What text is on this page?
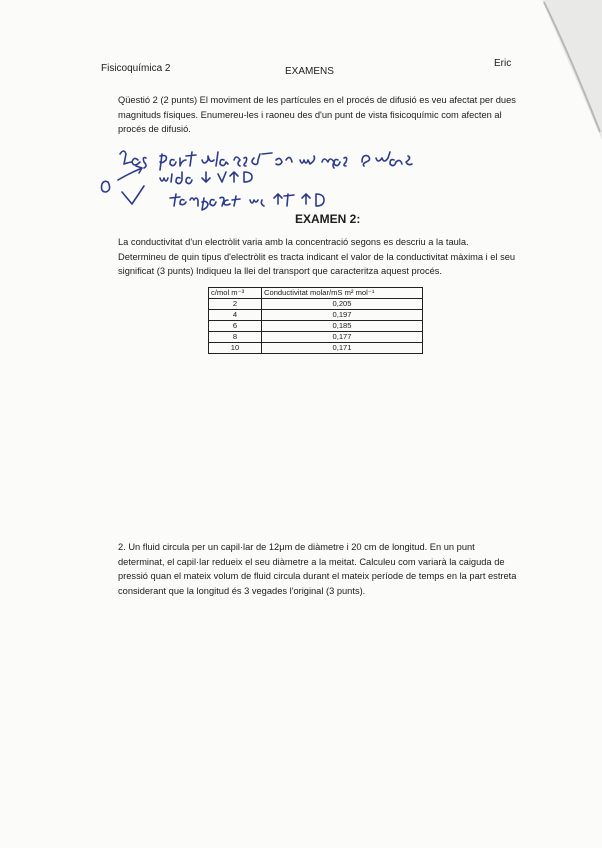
Fisicoquímica 2	EXAMENS
Eric

Qüestió 2 (2 punts) El moviment de les partícules en el procés de difusió es veu afectat per dues magnituds físiques. Enumereu-les i raoneu des d'un punt de vista fisicoquímic com afecten al procés de difusió.

EXAMEN 2:

La conductivitat d'un electròlit varia amb la concentració segons es descriu a la taula. Determineu de quin tipus d'electròlit es tracta indicant el valor de la conductivitat màxima i el seu significat (3 punts) Indiqueu la llei del transport que caracteritza aquest procés.

c/mol m⁻³	Conductivitat molar/mS m² mol⁻¹
2	0,205
4	0,197
6	0,185
8	0,177
10	0,171

2. Un fluid circula per un capil·lar de 12μm de diàmetre i 20 cm de longitud. En un punt determinat, el capil·lar redueix el seu diàmetre a la meitat. Calculeu com variarà la caiguda de pressió quan el mateix volum de fluid circula durant el mateix període de temps en la part estreta considerant que la longitud és 3 vegades l'original (3 punts).
